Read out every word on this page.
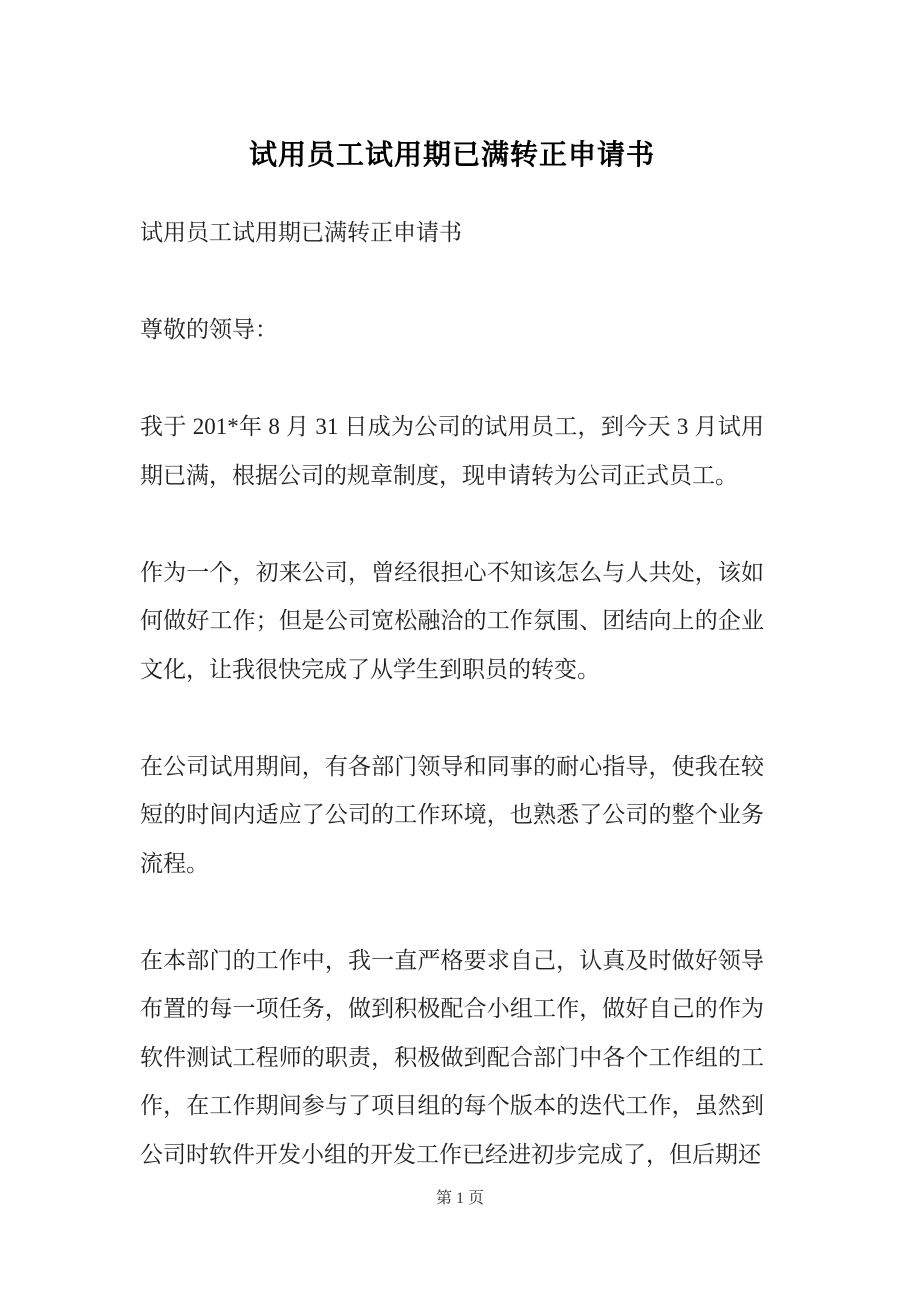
试用员工试用期已满转正申请书
试用员工试用期已满转正申请书
尊敬的领导：
我于 201*年 8 月 31 日成为公司的试用员工，到今天 3 月试用
期已满，根据公司的规章制度，现申请转为公司正式员工。
作为一个，初来公司，曾经很担心不知该怎么与人共处，该如
何做好工作；但是公司宽松融洽的工作氛围、团结向上的企业
文化，让我很快完成了从学生到职员的转变。
在公司试用期间，有各部门领导和同事的耐心指导，使我在较
短的时间内适应了公司的工作环境，也熟悉了公司的整个业务
流程。
在本部门的工作中，我一直严格要求自己，认真及时做好领导
布置的每一项任务，做到积极配合小组工作，做好自己的作为
软件测试工程师的职责，积极做到配合部门中各个工作组的工
作，在工作期间参与了项目组的每个版本的迭代工作，虽然到
公司时软件开发小组的开发工作已经进初步完成了，但后期还
第 1 页
